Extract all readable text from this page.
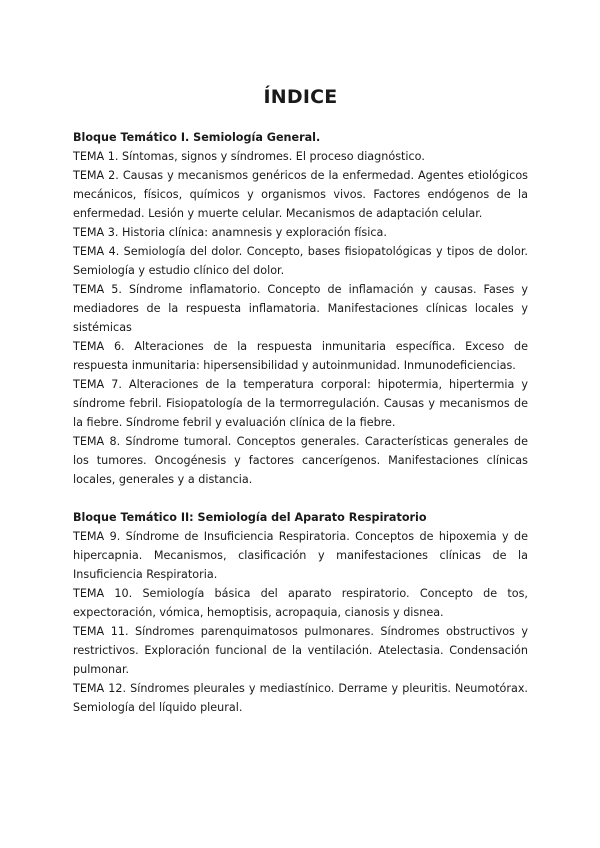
ÍNDICE

Bloque Temático I. Semiología General.

TEMA 1. Síntomas, signos y síndromes. El proceso diagnóstico.

TEMA 2. Causas y mecanismos genéricos de la enfermedad. Agentes etiológicos mecánicos, físicos, químicos y organismos vivos. Factores endógenos de la enfermedad. Lesión y muerte celular. Mecanismos de adaptación celular.

TEMA 3. Historia clínica: anamnesis y exploración física.

TEMA 4. Semiología del dolor. Concepto, bases fisiopatológicas y tipos de dolor. Semiología y estudio clínico del dolor.

TEMA 5. Síndrome inflamatorio. Concepto de inflamación y causas. Fases y mediadores de la respuesta inflamatoria. Manifestaciones clínicas locales y sistémicas

TEMA 6. Alteraciones de la respuesta inmunitaria específica. Exceso de respuesta inmunitaria: hipersensibilidad y autoinmunidad. Inmunodeficiencias.

TEMA 7. Alteraciones de la temperatura corporal: hipotermia, hipertermia y síndrome febril. Fisiopatología de la termorregulación. Causas y mecanismos de la fiebre. Síndrome febril y evaluación clínica de la fiebre.

TEMA 8. Síndrome tumoral. Conceptos generales. Características generales de los tumores. Oncogénesis y factores cancerígenos. Manifestaciones clínicas locales, generales y a distancia.

Bloque Temático II: Semiología del Aparato Respiratorio

TEMA 9. Síndrome de Insuficiencia Respiratoria. Conceptos de hipoxemia y de hipercapnia. Mecanismos, clasificación y manifestaciones clínicas de la Insuficiencia Respiratoria.

TEMA 10. Semiología básica del aparato respiratorio. Concepto de tos, expectoración, vómica, hemoptisis, acropaquia, cianosis y disnea.

TEMA 11. Síndromes parenquimatosos pulmonares. Síndromes obstructivos y restrictivos. Exploración funcional de la ventilación. Atelectasia. Condensación pulmonar.

TEMA 12. Síndromes pleurales y mediastínico. Derrame y pleuritis. Neumotórax. Semiología del líquido pleural.
